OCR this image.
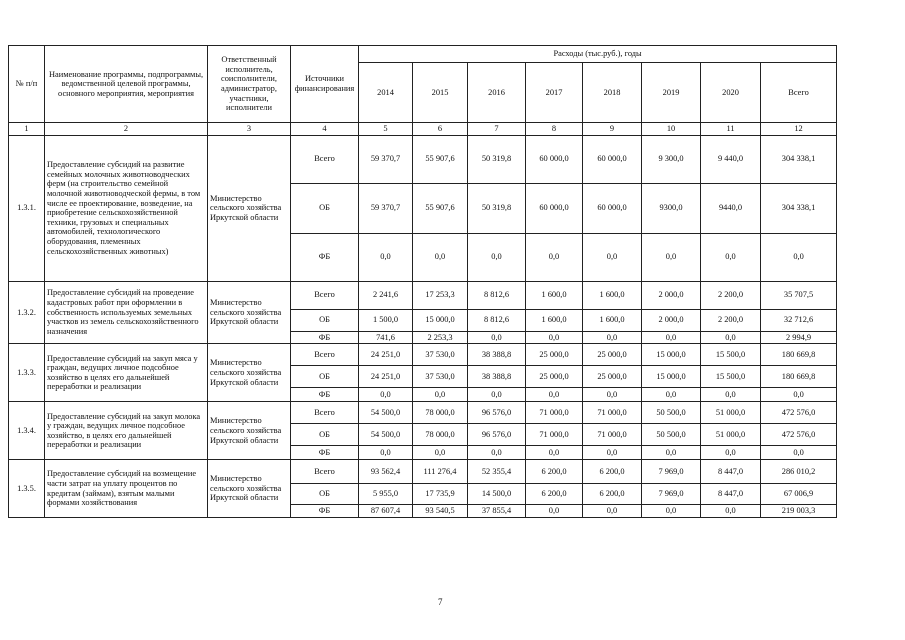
№ п/п	Наименование программы, подпрограммы, ведомственной целевой программы, основного мероприятия, мероприятия	Ответственный исполнитель, соисполнители, администратор, участники, исполнители	Источники финансирования	Расходы (тыс.руб.), годы							
				2014	2015	2016	2017	2018	2019	2020	Всего
1	2	3	4	5	6	7	8	9	10	11	12
1.3.1.	Предоставление субсидий на развитие семейных молочных животноводческих ферм (на строительство семейной молочной животноводческой фермы, в том числе ее проектирование, возведение, на приобретение сельскохозяйственной техники, грузовых и специальных автомобилей, технологического оборудования, племенных сельскохозяйственных животных)	Министерство сельского хозяйства Иркутской области	Всего	59 370,7	55 907,6	50 319,8	60 000,0	60 000,0	9 300,0	9 440,0	304 338,1
			ОБ	59 370,7	55 907,6	50 319,8	60 000,0	60 000,0	9300,0	9440,0	304 338,1
			ФБ	0,0	0,0	0,0	0,0	0,0	0,0	0,0	0,0
1.3.2.	Предоставление субсидий на проведение кадастровых работ при оформлении в собственность используемых земельных участков из земель сельскохозяйственного назначения	Министерство сельского хозяйства Иркутской области	Всего	2 241,6	17 253,3	8 812,6	1 600,0	1 600,0	2 000,0	2 200,0	35 707,5
			ОБ	1 500,0	15 000,0	8 812,6	1 600,0	1 600,0	2 000,0	2 200,0	32 712,6
			ФБ	741,6	2 253,3	0,0	0,0	0,0	0,0	0,0	2 994,9
1.3.3.	Предоставление субсидий на закуп мяса у граждан, ведущих личное подсобное хозяйство в целях его дальнейшей переработки и реализации	Министерство сельского хозяйства Иркутской области	Всего	24 251,0	37 530,0	38 388,8	25 000,0	25 000,0	15 000,0	15 500,0	180 669,8
			ОБ	24 251,0	37 530,0	38 388,8	25 000,0	25 000,0	15 000,0	15 500,0	180 669,8
			ФБ	0,0	0,0	0,0	0,0	0,0	0,0	0,0	0,0
1.3.4.	Предоставление субсидий на закуп молока у граждан, ведущих личное подсобное хозяйство, в целях его дальнейшей переработки и реализации	Министерство сельского хозяйства Иркутской области	Всего	54 500,0	78 000,0	96 576,0	71 000,0	71 000,0	50 500,0	51 000,0	472 576,0
			ОБ	54 500,0	78 000,0	96 576,0	71 000,0	71 000,0	50 500,0	51 000,0	472 576,0
			ФБ	0,0	0,0	0,0	0,0	0,0	0,0	0,0	0,0
1.3.5.	Предоставление субсидий на возмещение части затрат на уплату процентов по кредитам (займам), взятым малыми формами хозяйствования	Министерство сельского хозяйства Иркутской области	Всего	93 562,4	111 276,4	52 355,4	6 200,0	6 200,0	7 969,0	8 447,0	286 010,2
			ОБ	5 955,0	17 735,9	14 500,0	6 200,0	6 200,0	7 969,0	8 447,0	67 006,9
			ФБ	87 607,4	93 540,5	37 855,4	0,0	0,0	0,0	0,0	219 003,3
7
